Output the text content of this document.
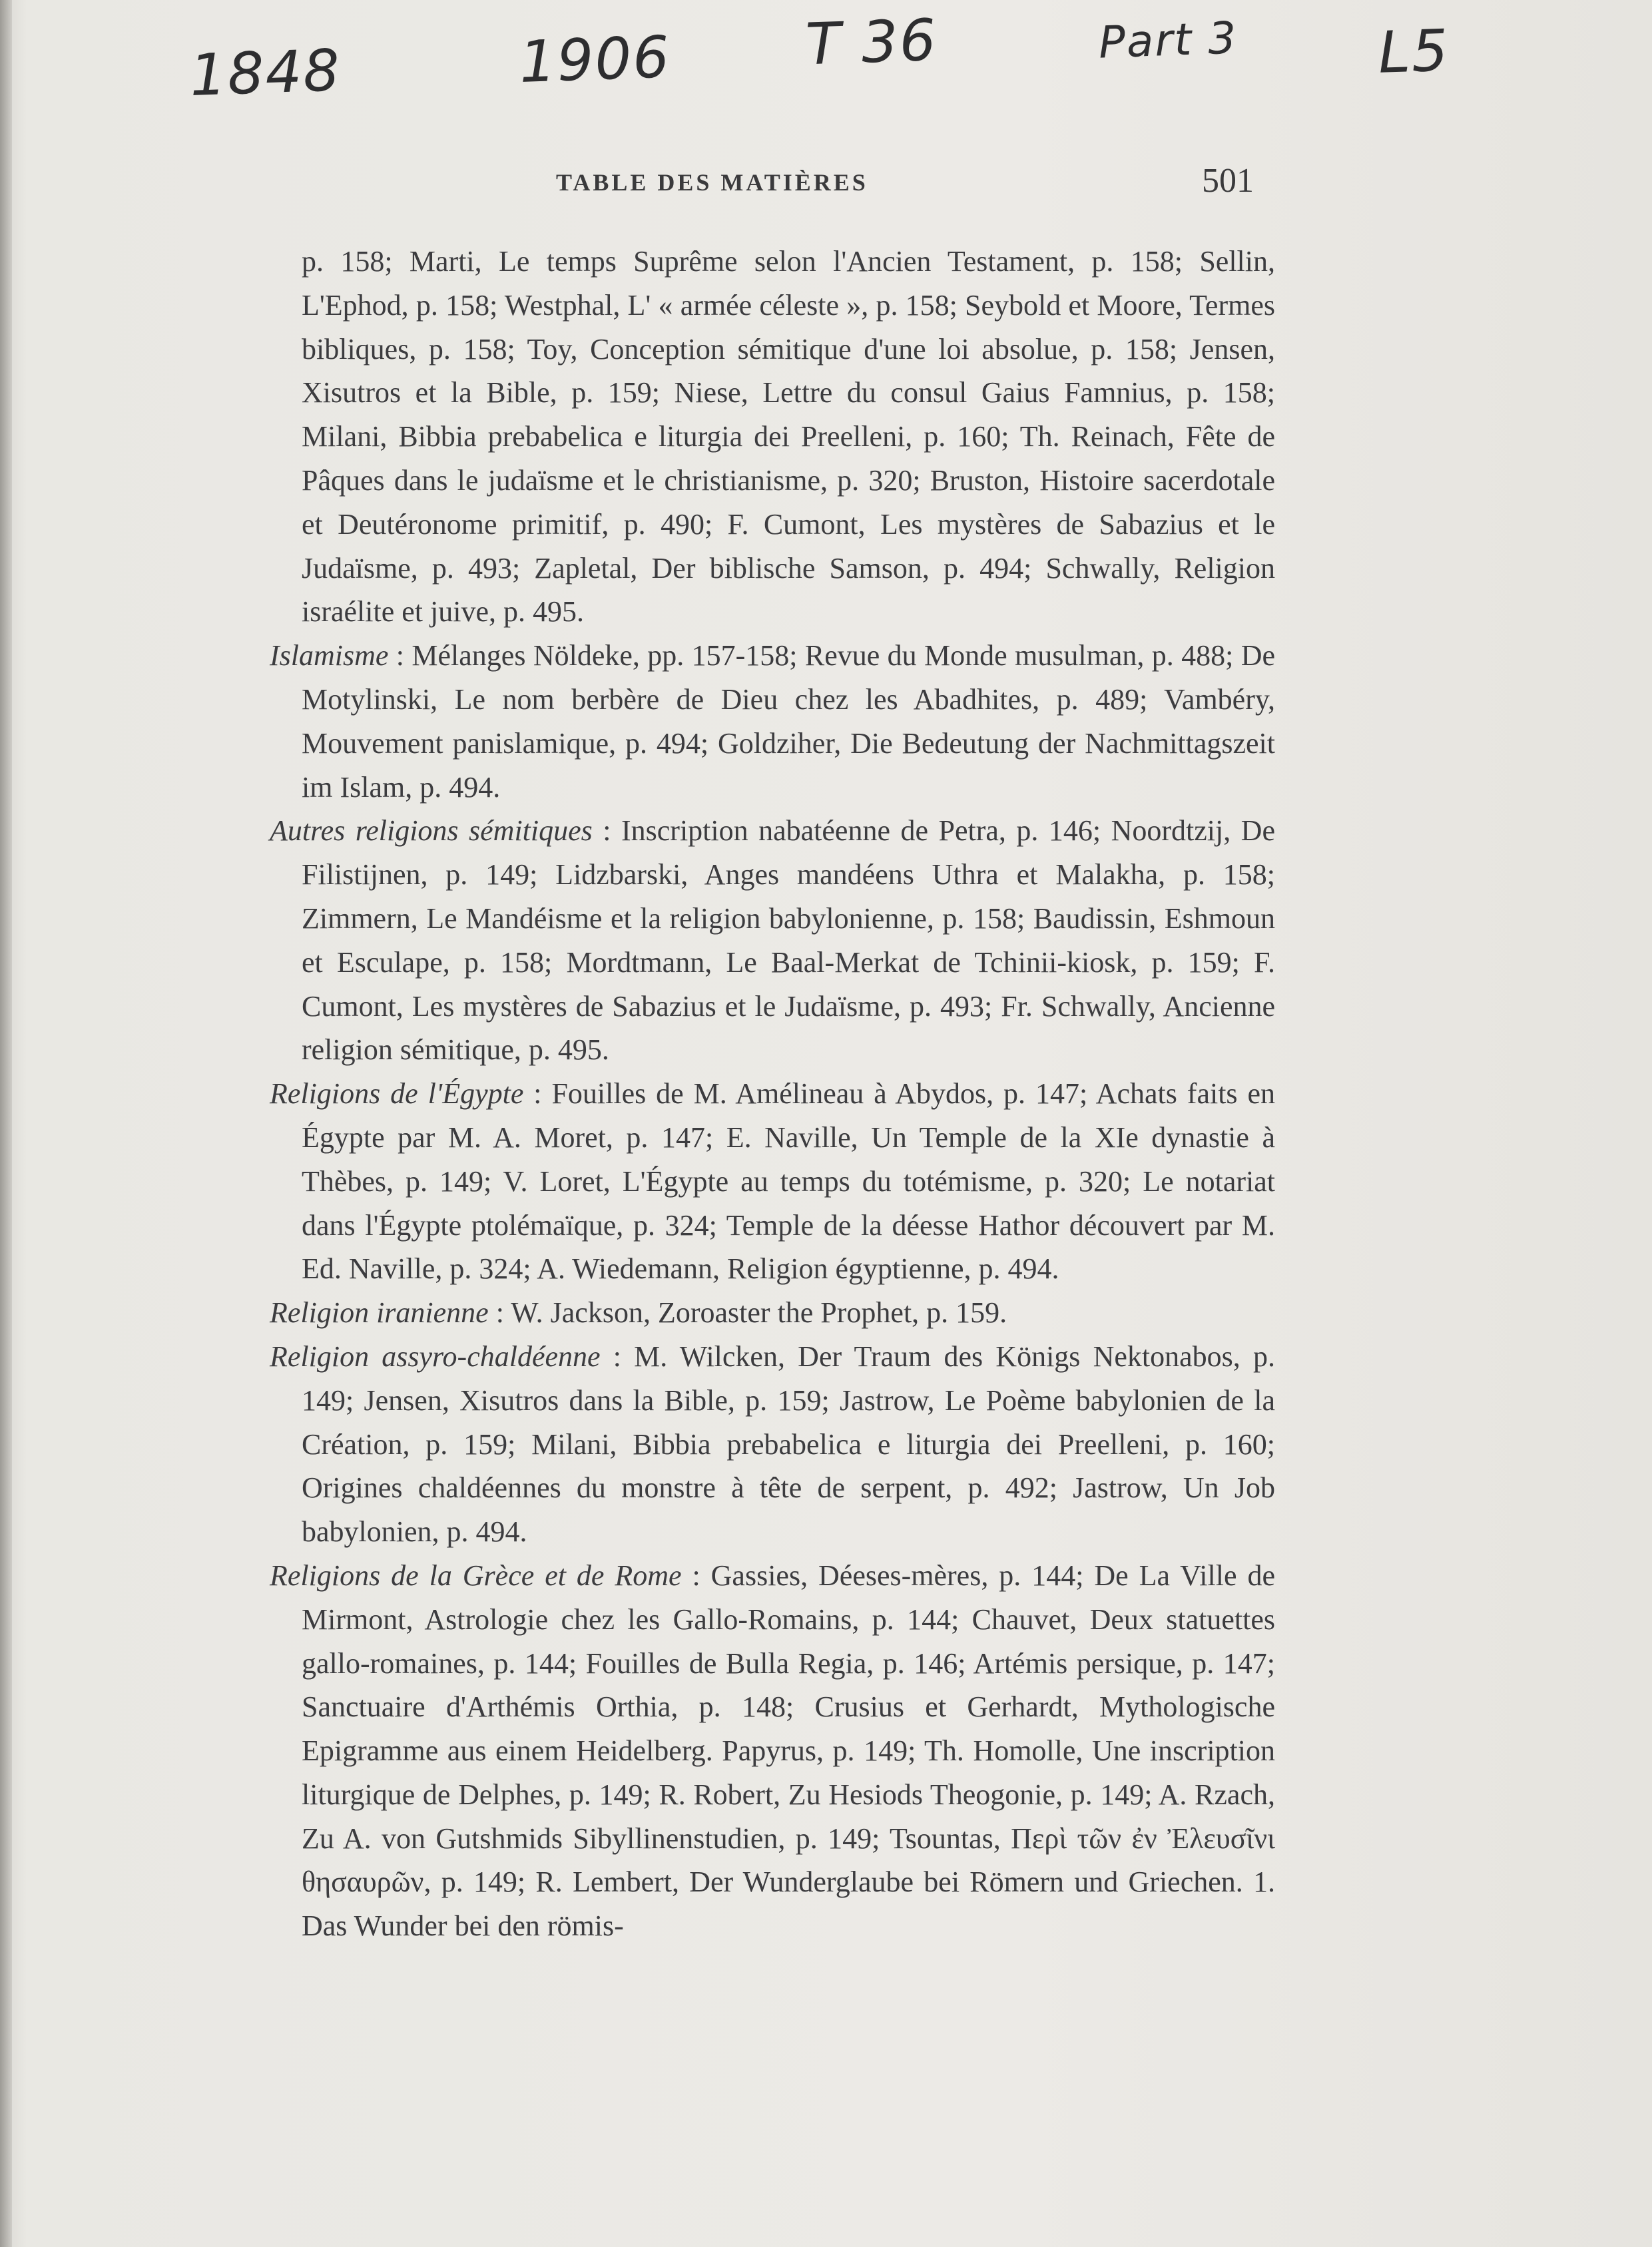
1848	1906 T 36	Part 3 L5
TABLE DES MATIÈRES	501

p. 158; Marti, Le temps Suprême selon l'Ancien Testament, p. 158; Sellin, L'Ephod, p. 158; Westphal, L' « armée céleste », p. 158; Seybold et Moore, Termes bibliques, p. 158; Toy, Conception sémitique d'une loi absolue, p. 158; Jensen, Xisutros et la Bible, p. 159; Niese, Lettre du consul Gaius Famnius, p. 158; Milani, Bibbia prebabelica e liturgia dei Preelleni, p. 160; Th. Reinach, Fête de Pâques dans le judaïsme et le christianisme, p. 320; Bruston, Histoire sacerdotale et Deutéronome primitif, p. 490; F. Cumont, Les mystères de Sabazius et le Judaïsme, p. 493; Zapletal, Der biblische Samson, p. 494; Schwally, Religion israélite et juive, p. 495.

Islamisme : Mélanges Nöldeke, pp. 157-158; Revue du Monde musulman, p. 488; De Motylinski, Le nom berbère de Dieu chez les Abadhites, p. 489; Vambéry, Mouvement panislamique, p. 494; Goldziher, Die Bedeutung der Nachmittagszeit im Islam, p. 494.

Autres religions sémitiques : Inscription nabatéenne de Petra, p. 146; Noordtzij, De Filistijnen, p. 149; Lidzbarski, Anges mandéens Uthra et Malakha, p. 158; Zimmern, Le Mandéisme et la religion babylonienne, p. 158; Baudissin, Eshmoun et Esculape, p. 158; Mordtmann, Le Baal-Merkat de Tchinii-kiosk, p. 159; F. Cumont, Les mystères de Sabazius et le Judaïsme, p. 493; Fr. Schwally, Ancienne religion sémitique, p. 495.

Religions de l'Égypte : Fouilles de M. Amélineau à Abydos, p. 147; Achats faits en Égypte par M. A. Moret, p. 147; E. Naville, Un Temple de la XIe dynastie à Thèbes, p. 149; V. Loret, L'Égypte au temps du totémisme, p. 320; Le notariat dans l'Égypte ptolémaïque, p. 324; Temple de la déesse Hathor découvert par M. Ed. Naville, p. 324; A. Wiedemann, Religion égyptienne, p. 494.

Religion iranienne : W. Jackson, Zoroaster the Prophet, p. 159.

Religion assyro-chaldéenne : M. Wilcken, Der Traum des Königs Nektonabos, p. 149; Jensen, Xisutros dans la Bible, p. 159; Jastrow, Le Poème babylonien de la Création, p. 159; Milani, Bibbia prebabelica e liturgia dei Preelleni, p. 160; Origines chaldéennes du monstre à tête de serpent, p. 492; Jastrow, Un Job babylonien, p. 494.

Religions de la Grèce et de Rome : Gassies, Déeses-mères, p. 144; De La Ville de Mirmont, Astrologie chez les Gallo-Romains, p. 144; Chauvet, Deux statuettes gallo-romaines, p. 144; Fouilles de Bulla Regia, p. 146; Artémis persique, p. 147; Sanctuaire d'Arthémis Orthia, p. 148; Crusius et Gerhardt, Mythologische Epigramme aus einem Heidelberg. Papyrus, p. 149; Th. Homolle, Une inscription liturgique de Delphes, p. 149; R. Robert, Zu Hesiods Theogonie, p. 149; A. Rzach, Zu A. von Gutshmids Sibyllinenstudien, p. 149; Tsountas, Περὶ τῶν ἐν Ἐλευσῖνι θησαυρῶν, p. 149; R. Lembert, Der Wunderglaube bei Römern und Griechen. 1. Das Wunder bei den römis-
